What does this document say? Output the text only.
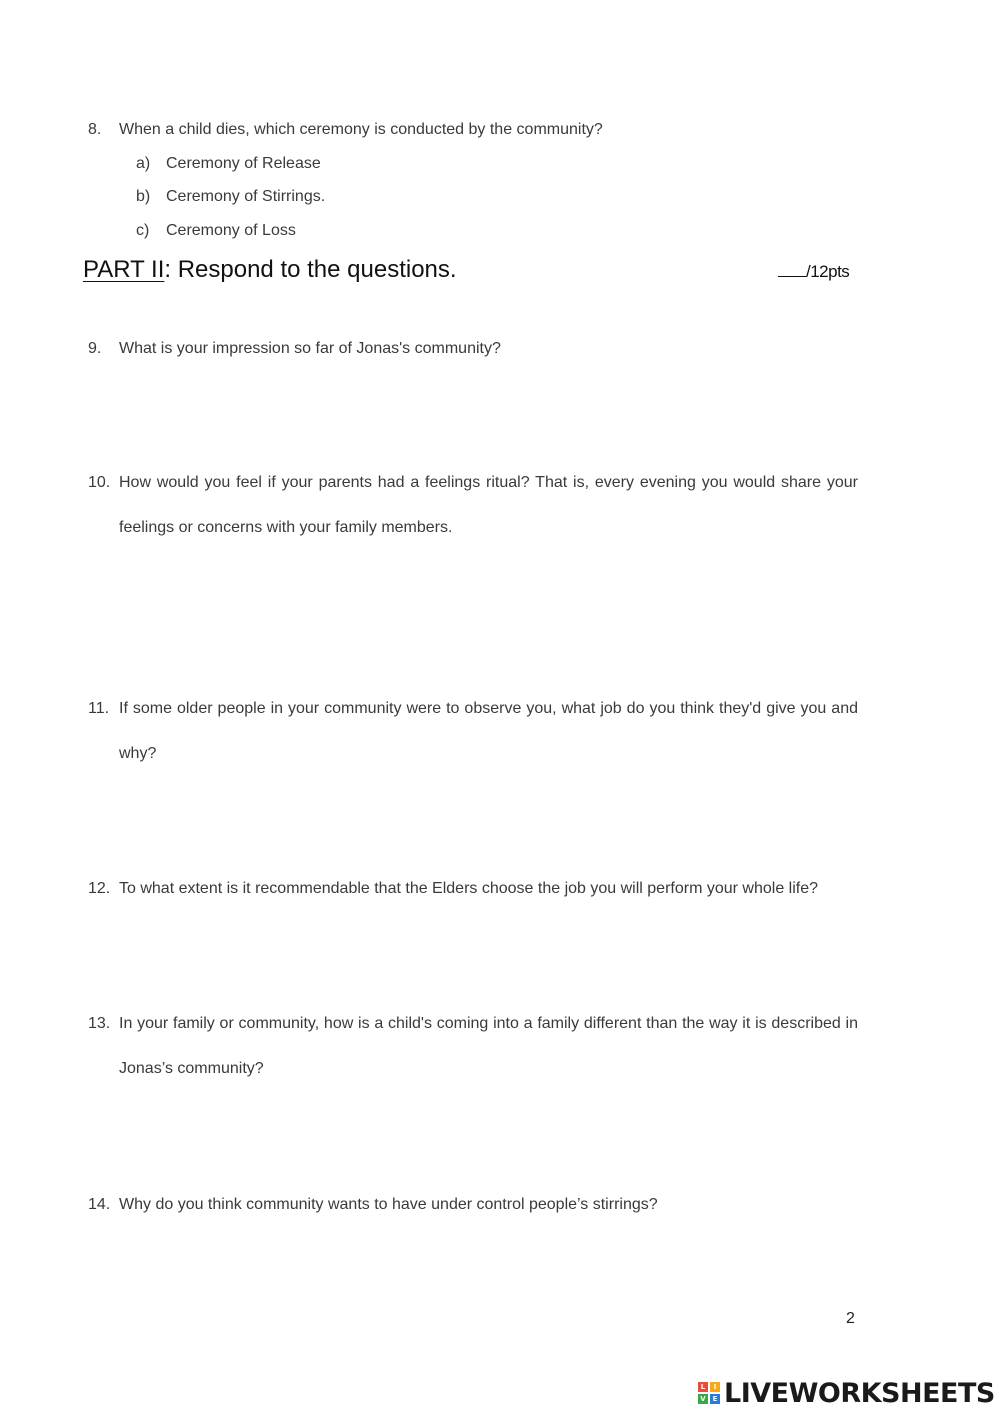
8. When a child dies, which ceremony is conducted by the community?
a) Ceremony of Release
b) Ceremony of Stirrings.
c) Ceremony of Loss
PART II: Respond to the questions.	/12pts
9. What is your impression so far of Jonas's community?
10. How would you feel if your parents had a feelings ritual? That is, every evening you would share your feelings or concerns with your family members.
11. If some older people in your community were to observe you, what job do you think they'd give you and why?
12. To what extent is it recommendable that the Elders choose the job you will perform your whole life?
13. In your family or community, how is a child's coming into a family different than the way it is described in Jonas’s community?
14. Why do you think community wants to have under control people’s stirrings?
2
L	I
V E LIVEWORKSHEETS
